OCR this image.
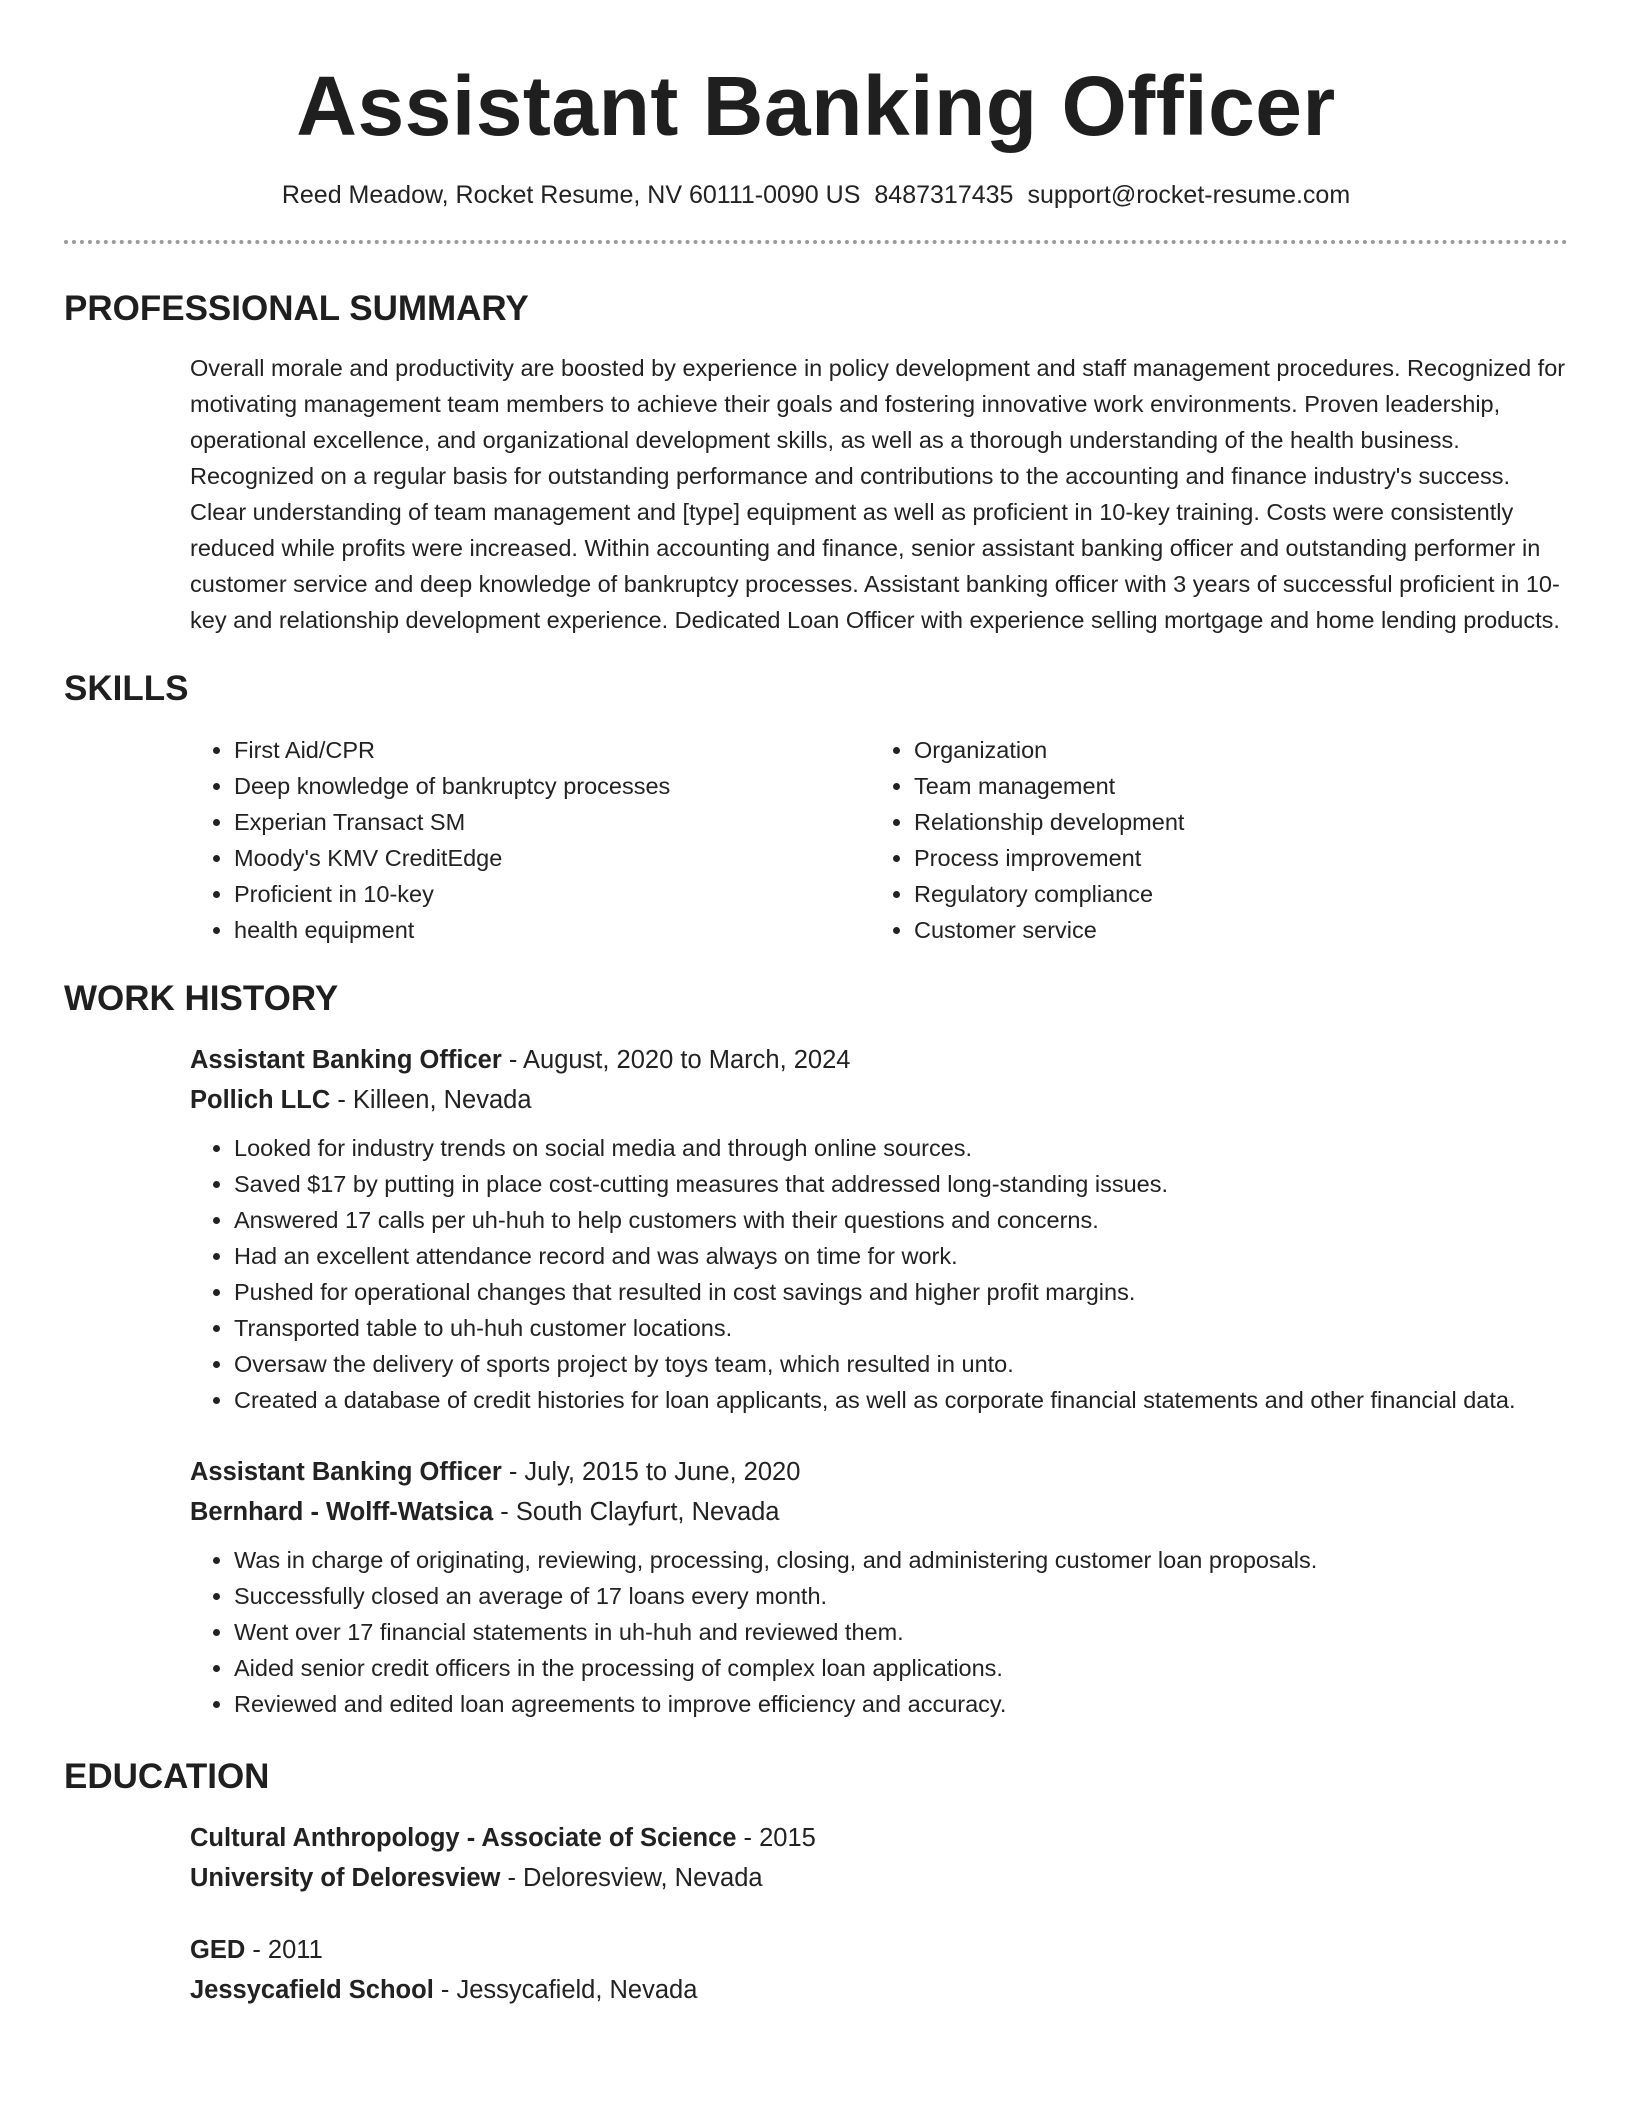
Assistant Banking Officer
Reed Meadow, Rocket Resume, NV 60111-0090 US 8487317435 support@rocket-resume.com
PROFESSIONAL SUMMARY
Overall morale and productivity are boosted by experience in policy development and staff management procedures. Recognized for motivating management team members to achieve their goals and fostering innovative work environments. Proven leadership, operational excellence, and organizational development skills, as well as a thorough understanding of the health business. Recognized on a regular basis for outstanding performance and contributions to the accounting and finance industry's success. Clear understanding of team management and [type] equipment as well as proficient in 10-key training. Costs were consistently reduced while profits were increased. Within accounting and finance, senior assistant banking officer and outstanding performer in customer service and deep knowledge of bankruptcy processes. Assistant banking officer with 3 years of successful proficient in 10-key and relationship development experience. Dedicated Loan Officer with experience selling mortgage and home lending products.
SKILLS
• First Aid/CPR
• Deep knowledge of bankruptcy processes
• Experian Transact SM
• Moody's KMV CreditEdge
• Proficient in 10-key
• health equipment
• Organization
• Team management
• Relationship development
• Process improvement
• Regulatory compliance
• Customer service
WORK HISTORY
Assistant Banking Officer - August, 2020 to March, 2024
Pollich LLC - Killeen, Nevada
• Looked for industry trends on social media and through online sources.
• Saved $17 by putting in place cost-cutting measures that addressed long-standing issues.
• Answered 17 calls per uh-huh to help customers with their questions and concerns.
• Had an excellent attendance record and was always on time for work.
• Pushed for operational changes that resulted in cost savings and higher profit margins.
• Transported table to uh-huh customer locations.
• Oversaw the delivery of sports project by toys team, which resulted in unto.
• Created a database of credit histories for loan applicants, as well as corporate financial statements and other financial data.
Assistant Banking Officer - July, 2015 to June, 2020
Bernhard - Wolff-Watsica - South Clayfurt, Nevada
• Was in charge of originating, reviewing, processing, closing, and administering customer loan proposals.
• Successfully closed an average of 17 loans every month.
• Went over 17 financial statements in uh-huh and reviewed them.
• Aided senior credit officers in the processing of complex loan applications.
• Reviewed and edited loan agreements to improve efficiency and accuracy.
EDUCATION
Cultural Anthropology - Associate of Science - 2015
University of Deloresview - Deloresview, Nevada
GED - 2011
Jessycafield School - Jessycafield, Nevada
